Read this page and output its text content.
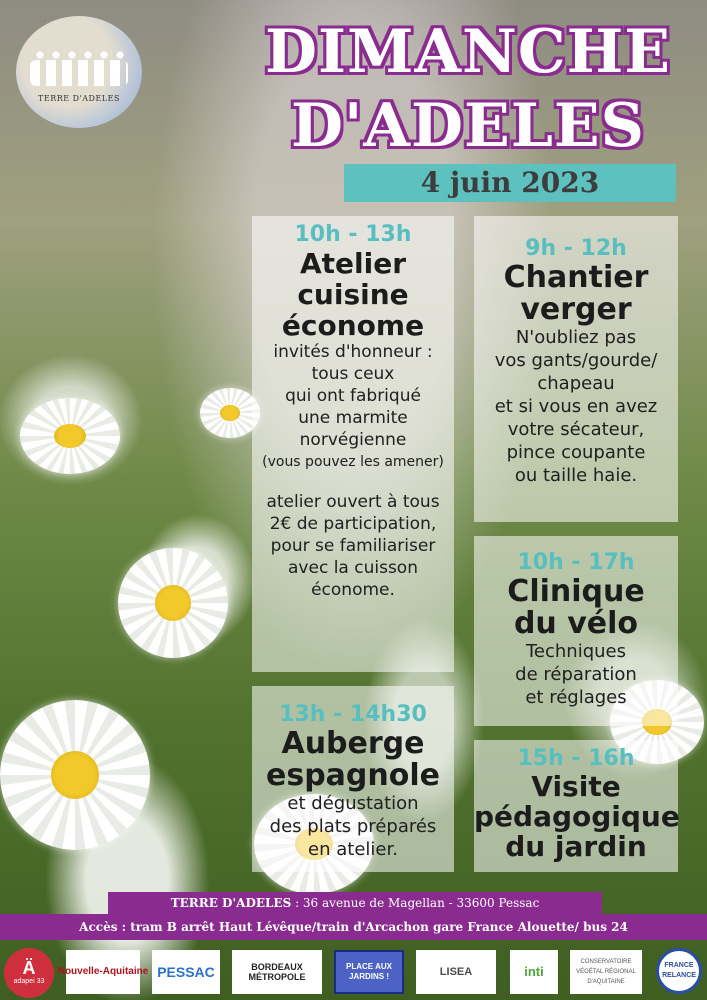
TERRE D'ADELES
DIMANCHE
D'ADELES
4 juin 2023
10h - 13h
Atelier
cuisine
économe
invités d'honneur :
tous ceux
qui ont fabriqué
une marmite
norvégienne
(vous pouvez les amener)
atelier ouvert à tous
2€ de participation,
pour se familiariser
avec la cuisson
économe.
9h - 12h
Chantier
verger
N'oubliez pas
vos gants/gourde/
chapeau
et si vous en avez
votre sécateur,
pince coupante
ou taille haie.
10h - 17h
Clinique
du vélo
Techniques
de réparation
et réglages
13h - 14h30
Auberge
espagnole
et dégustation
des plats préparés
en atelier.
15h - 16h
Visite
pédagogique
du jardin
TERRE D'ADELES : 36 avenue de Magellan - 33600 Pessac
Accès : tram B arrêt Haut Lévêque/train d'Arcachon gare France Alouette/ bus 24
Ä
adapei 33
Nouvelle-Aquitaine PESSAC	BORDEAUX MÉTROPOLE
PLACE AUX JARDINS !	LISEA	inti
CONSERVATOIRE VÉGÉTAL RÉGIONAL D'AQUITAINE
FRANCE RELANCE
